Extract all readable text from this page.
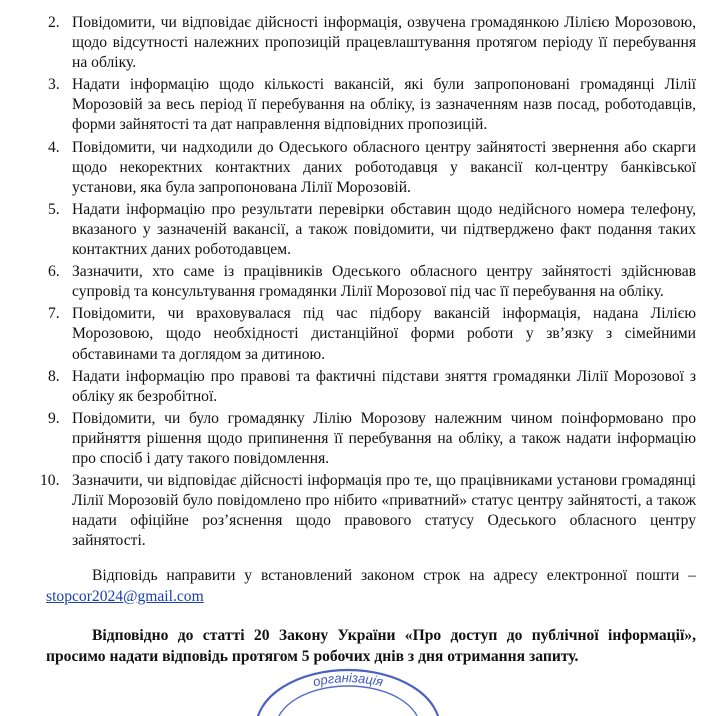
2. Повідомити, чи відповідає дійсності інформація, озвучена громадянкою Лілією Морозовою, щодо відсутності належних пропозицій працевлаштування протягом періоду її перебування на обліку.
3. Надати інформацію щодо кількості вакансій, які були запропоновані громадянці Лілії Морозовій за весь період її перебування на обліку, із зазначенням назв посад, роботодавців, форми зайнятості та дат направлення відповідних пропозицій.
4. Повідомити, чи надходили до Одеського обласного центру зайнятості звернення або скарги щодо некоректних контактних даних роботодавця у вакансії кол-центру банківської установи, яка була запропонована Лілії Морозовій.
5. Надати інформацію про результати перевірки обставин щодо недійсного номера телефону, вказаного у зазначеній вакансії, а також повідомити, чи підтверджено факт подання таких контактних даних роботодавцем.
6. Зазначити, хто саме із працівників Одеського обласного центру зайнятості здійснював супровід та консультування громадянки Лілії Морозової під час її перебування на обліку.
7. Повідомити, чи враховувалася під час підбору вакансій інформація, надана Лілією Морозовою, щодо необхідності дистанційної форми роботи у зв’язку з сімейними обставинами та доглядом за дитиною.
8. Надати інформацію про правові та фактичні підстави зняття громадянки Лілії Морозової з обліку як безробітної.
9. Повідомити, чи було громадянку Лілію Морозову належним чином поінформовано про прийняття рішення щодо припинення її перебування на обліку, а також надати інформацію про спосіб і дату такого повідомлення.
10. Зазначити, чи відповідає дійсності інформація про те, що працівниками установи громадянці Лілії Морозовій було повідомлено про нібито «приватний» статус центру зайнятості, а також надати офіційне роз’яснення щодо правового статусу Одеського обласного центру зайнятості.

Відповідь направити у встановлений законом строк на адресу електронної пошти – stopcor2024@gmail.com

Відповідно до статті 20 Закону України «Про доступ до публічної інформації», просимо надати відповідь протягом 5 робочих днів з дня отримання запиту.

організація
